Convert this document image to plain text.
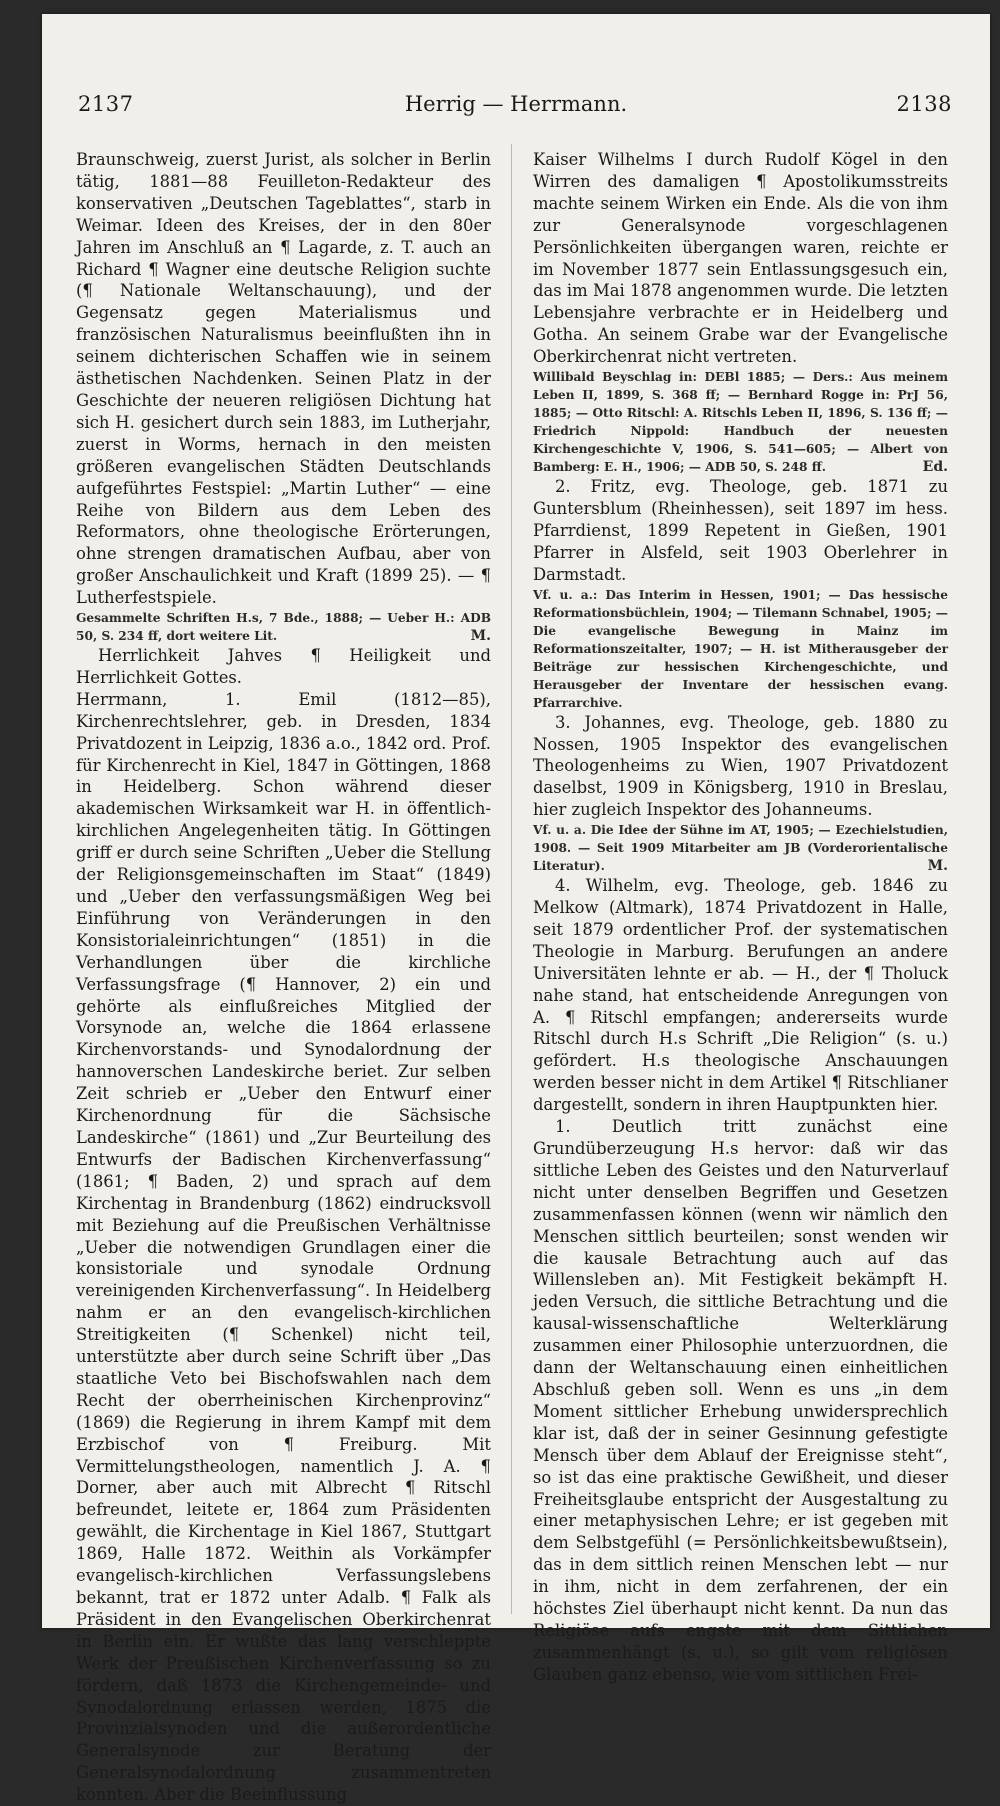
2137	Herrig — Herrmann.	2138

Braunschweig, zuerst Jurist, als solcher in Berlin tätig, 1881—88 Feuilleton-Redakteur des konservativen „Deutschen Tageblattes“, starb in Weimar. Ideen des Kreises, der in den 80er Jahren im Anschluß an ¶ Lagarde, z. T. auch an Richard ¶ Wagner eine deutsche Religion suchte (¶ Nationale Weltanschauung), und der Gegensatz gegen Materialismus und französischen Naturalismus beeinflußten ihn in seinem dichterischen Schaffen wie in seinem ästhetischen Nachdenken. Seinen Platz in der Geschichte der neueren religiösen Dichtung hat sich H. gesichert durch sein 1883, im Lutherjahr, zuerst in Worms, hernach in den meisten größeren evangelischen Städten Deutschlands aufgeführtes Festspiel: „Martin Luther“ — eine Reihe von Bildern aus dem Leben des Reformators, ohne theologische Erörterungen, ohne strengen dramatischen Aufbau, aber von großer Anschaulichkeit und Kraft (1899 25). — ¶ Lutherfestspiele.

Gesammelte Schriften H.s, 7 Bde., 1888; — Ueber H.: ADB 50, S. 234 ff, dort weitere Lit.	M.

Herrlichkeit Jahves ¶ Heiligkeit und Herrlichkeit Gottes.

Herrmann, 1. Emil (1812—85), Kirchenrechtslehrer, geb. in Dresden, 1834 Privatdozent in Leipzig, 1836 a.o., 1842 ord. Prof. für Kirchenrecht in Kiel, 1847 in Göttingen, 1868 in Heidelberg. Schon während dieser akademischen Wirksamkeit war H. in öffentlich-kirchlichen Angelegenheiten tätig. In Göttingen griff er durch seine Schriften „Ueber die Stellung der Religionsgemeinschaften im Staat“ (1849) und „Ueber den verfassungsmäßigen Weg bei Einführung von Veränderungen in den Konsistorialeinrichtungen“ (1851) in die Verhandlungen über die kirchliche Verfassungsfrage (¶ Hannover, 2) ein und gehörte als einflußreiches Mitglied der Vorsynode an, welche die 1864 erlassene Kirchenvorstands- und Synodalordnung der hannoverschen Landeskirche beriet. Zur selben Zeit schrieb er „Ueber den Entwurf einer Kirchenordnung für die Sächsische Landeskirche“ (1861) und „Zur Beurteilung des Entwurfs der Badischen Kirchenverfassung“ (1861; ¶ Baden, 2) und sprach auf dem Kirchentag in Brandenburg (1862) eindrucksvoll mit Beziehung auf die Preußischen Verhältnisse „Ueber die notwendigen Grundlagen einer die konsistoriale und synodale Ordnung vereinigenden Kirchenverfassung“. In Heidelberg nahm er an den evangelisch-kirchlichen Streitigkeiten (¶ Schenkel) nicht teil, unterstützte aber durch seine Schrift über „Das staatliche Veto bei Bischofswahlen nach dem Recht der oberrheinischen Kirchenprovinz“ (1869) die Regierung in ihrem Kampf mit dem Erzbischof von ¶ Freiburg. Mit Vermittelungstheologen, namentlich J. A. ¶ Dorner, aber auch mit Albrecht ¶ Ritschl befreundet, leitete er, 1864 zum Präsidenten gewählt, die Kirchentage in Kiel 1867, Stuttgart 1869, Halle 1872. Weithin als Vorkämpfer evangelisch-kirchlichen Verfassungslebens bekannt, trat er 1872 unter Adalb. ¶ Falk als Präsident in den Evangelischen Oberkirchenrat in Berlin ein. Er wußte das lang verschleppte Werk der Preußischen Kirchenverfassung so zu fördern, daß 1873 die Kirchengemeinde- und Synodalordnung erlassen werden, 1875 die Provinzialsynoden und die außerordentliche Generalsynode zur Beratung der Generalsynodalordnung zusammentreten konnten. Aber die Beeinflussung

Kaiser Wilhelms I durch Rudolf Kögel in den Wirren des damaligen ¶ Apostolikumsstreits machte seinem Wirken ein Ende. Als die von ihm zur Generalsynode vorgeschlagenen Persönlichkeiten übergangen waren, reichte er im November 1877 sein Entlassungsgesuch ein, das im Mai 1878 angenommen wurde. Die letzten Lebensjahre verbrachte er in Heidelberg und Gotha. An seinem Grabe war der Evangelische Oberkirchenrat nicht vertreten.

Willibald Beyschlag in: DEBl 1885; — Ders.: Aus meinem Leben II, 1899, S. 368 ff; — Bernhard Rogge in: PrJ 56, 1885; — Otto Ritschl: A. Ritschls Leben II, 1896, S. 136 ff; — Friedrich Nippold: Handbuch der neuesten Kirchengeschichte V, 1906, S. 541—605; — Albert von Bamberg: E. H., 1906; — ADB 50, S. 248 ff.	Ed.

2. Fritz, evg. Theologe, geb. 1871 zu Guntersblum (Rheinhessen), seit 1897 im hess. Pfarrdienst, 1899 Repetent in Gießen, 1901 Pfarrer in Alsfeld, seit 1903 Oberlehrer in Darmstadt.

Vf. u. a.: Das Interim in Hessen, 1901; — Das hessische Reformationsbüchlein, 1904; — Tilemann Schnabel, 1905; — Die evangelische Bewegung in Mainz im Reformationszeitalter, 1907; — H. ist Mitherausgeber der Beiträge zur hessischen Kirchengeschichte, und Herausgeber der Inventare der hessischen evang. Pfarrarchive.

3. Johannes, evg. Theologe, geb. 1880 zu Nossen, 1905 Inspektor des evangelischen Theologenheims zu Wien, 1907 Privatdozent daselbst, 1909 in Königsberg, 1910 in Breslau, hier zugleich Inspektor des Johanneums.

Vf. u. a. Die Idee der Sühne im AT, 1905; — Ezechielstudien, 1908. — Seit 1909 Mitarbeiter am JB (Vorderorientalische Literatur).	M.

4. Wilhelm, evg. Theologe, geb. 1846 zu Melkow (Altmark), 1874 Privatdozent in Halle, seit 1879 ordentlicher Prof. der systematischen Theologie in Marburg. Berufungen an andere Universitäten lehnte er ab. — H., der ¶ Tholuck nahe stand, hat entscheidende Anregungen von A. ¶ Ritschl empfangen; andererseits wurde Ritschl durch H.s Schrift „Die Religion“ (s. u.) gefördert. H.s theologische Anschauungen werden besser nicht in dem Artikel ¶ Ritschlianer dargestellt, sondern in ihren Hauptpunkten hier.

1. Deutlich tritt zunächst eine Grundüberzeugung H.s hervor: daß wir das sittliche Leben des Geistes und den Naturverlauf nicht unter denselben Begriffen und Gesetzen zusammenfassen können (wenn wir nämlich den Menschen sittlich beurteilen; sonst wenden wir die kausale Betrachtung auch auf das Willensleben an). Mit Festigkeit bekämpft H. jeden Versuch, die sittliche Betrachtung und die kausal-wissenschaftliche Welterklärung zusammen einer Philosophie unterzuordnen, die dann der Weltanschauung einen einheitlichen Abschluß geben soll. Wenn es uns „in dem Moment sittlicher Erhebung unwidersprechlich klar ist, daß der in seiner Gesinnung gefestigte Mensch über dem Ablauf der Ereignisse steht“, so ist das eine praktische Gewißheit, und dieser Freiheitsglaube entspricht der Ausgestaltung zu einer metaphysischen Lehre; er ist gegeben mit dem Selbstgefühl (= Persönlichkeitsbewußtsein), das in dem sittlich reinen Menschen lebt — nur in ihm, nicht in dem zerfahrenen, der ein höchstes Ziel überhaupt nicht kennt. Da nun das Religiöse aufs engste mit dem Sittlichen zusammenhängt (s. u.), so gilt vom religiösen Glauben ganz ebenso, wie vom sittlichen Frei-
